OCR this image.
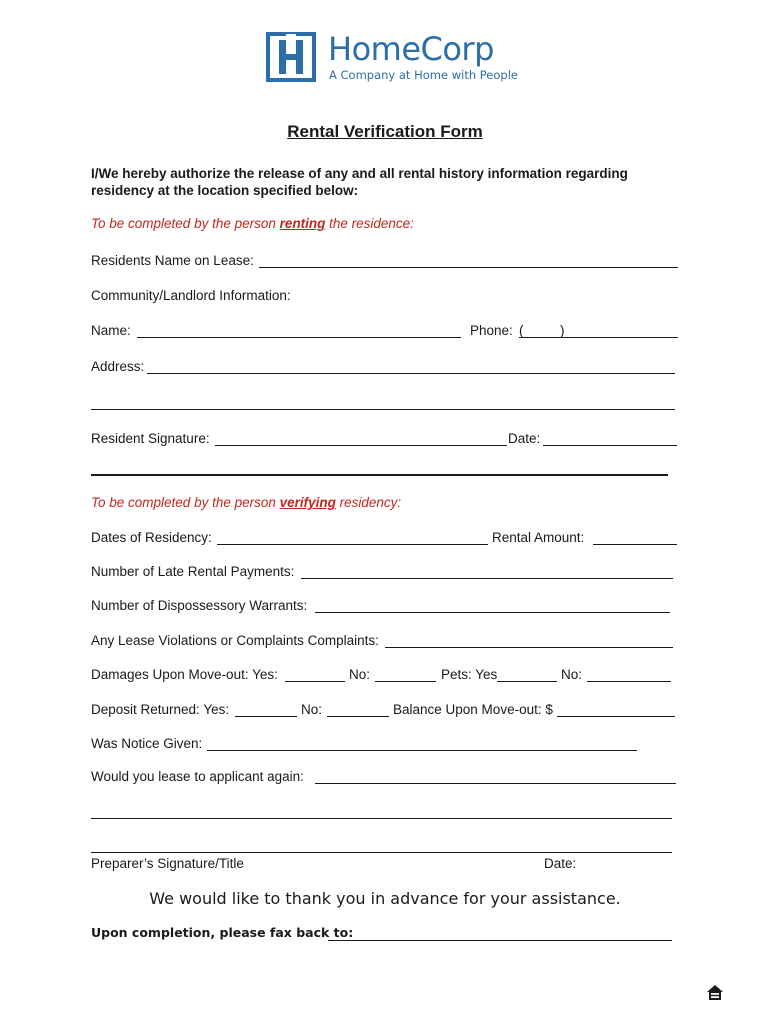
HomeCorp
A Company at Home with People
Rental Verification Form
I/We hereby authorize the release of any and all rental history information regarding residency at the location specified below:
To be completed by the person renting the residence:
Residents Name on Lease:
Community/Landlord Information:
Name:	Phone: (	)
Address:
Resident Signature:	Date:
To be completed by the person verifying residency:
Dates of Residency:	Rental Amount:
Number of Late Rental Payments:
Number of Dispossessory Warrants:
Any Lease Violations or Complaints Complaints:
Damages Upon Move-out: Yes:	No:	Pets: Yes	No:
Deposit Returned: Yes:	No:	Balance Upon Move-out: $
Was Notice Given:
Would you lease to applicant again:
Preparer’s Signature/Title	Date:
We would like to thank you in advance for your assistance.
Upon completion, please fax back to:
